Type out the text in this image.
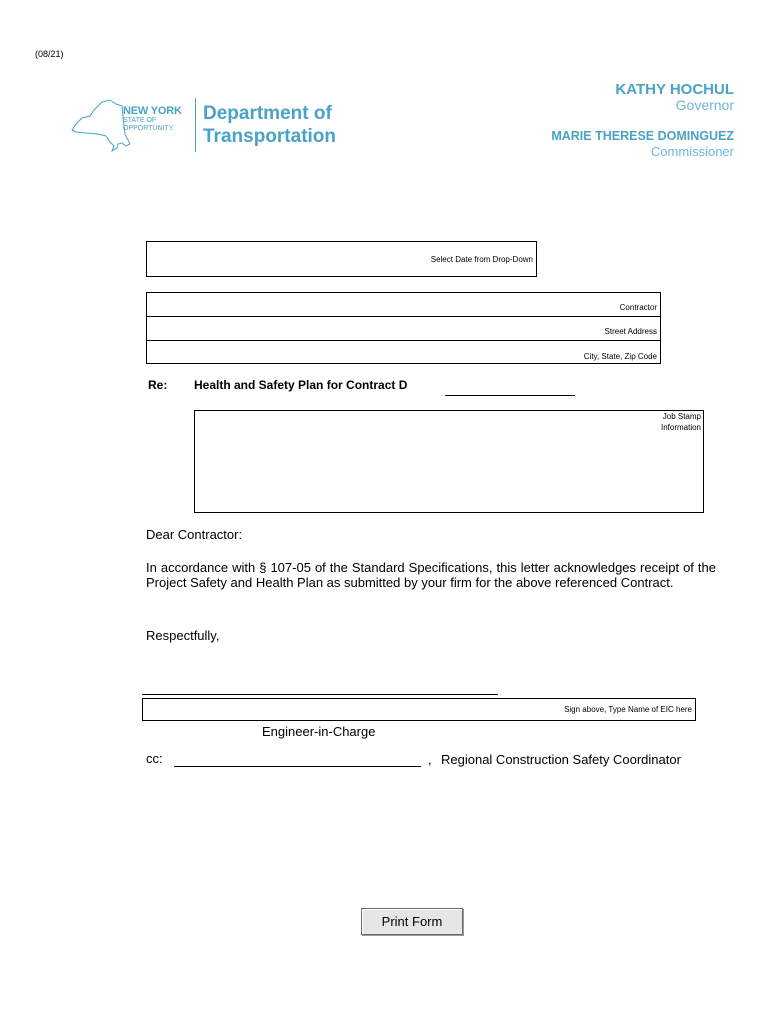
(08/21)
NEW YORK
STATE OF
OPPORTUNITY.
Department of
Transportation
KATHY HOCHUL
Governor
MARIE THERESE DOMINGUEZ
Commissioner
Select Date from Drop-Down
Contractor
Street Address
City, State, Zip Code
Re: Health and Safety Plan for Contract D
Job Stamp Information
Dear Contractor:
In accordance with § 107-05 of the Standard Specifications, this letter acknowledges receipt of the Project Safety and Health Plan as submitted by your firm for the above referenced Contract.
Respectfully,
Sign above, Type Name of EIC here
Engineer-in-Charge
cc:	, Regional Construction Safety Coordinator
Print Form
